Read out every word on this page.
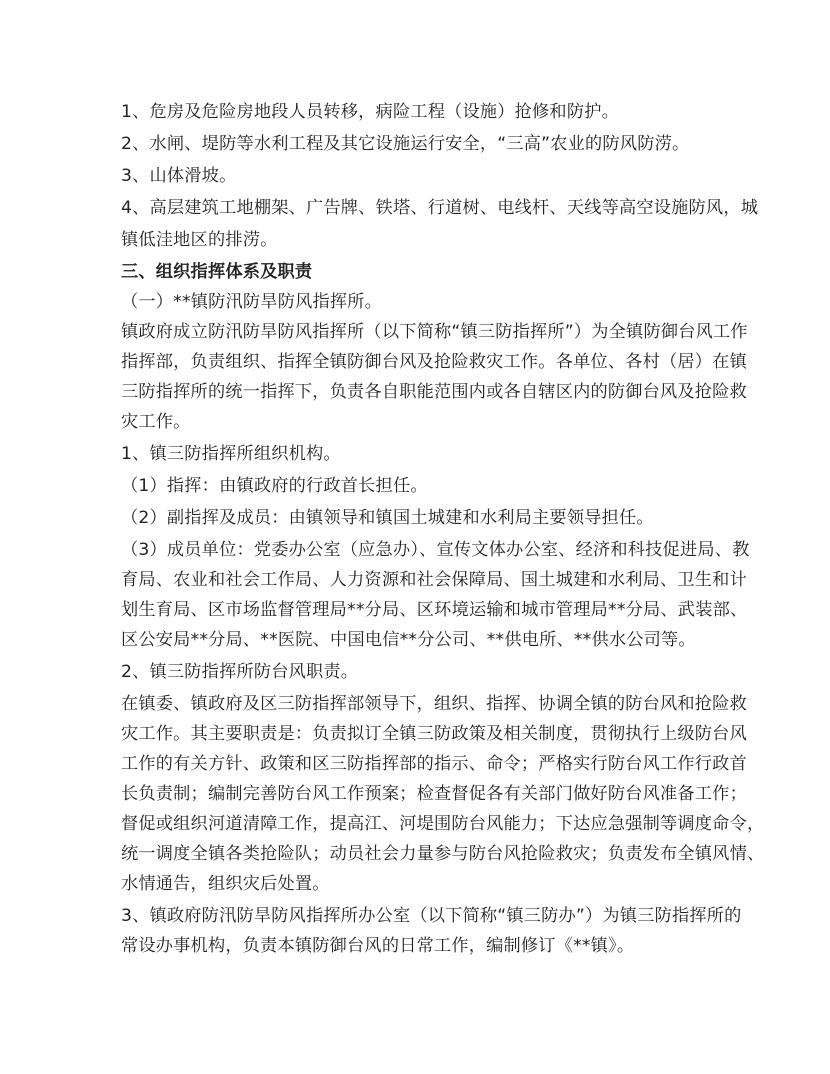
1、危房及危险房地段人员转移，病险工程（设施）抢修和防护。
2、水闸、堤防等水利工程及其它设施运行安全，“三高”农业的防风防涝。
3、山体滑坡。
4、高层建筑工地棚架、广告牌、铁塔、行道树、电线杆、天线等高空设施防风，城
镇低洼地区的排涝。
三、组织指挥体系及职责
（一）**镇防汛防旱防风指挥所。
镇政府成立防汛防旱防风指挥所（以下简称“镇三防指挥所”）为全镇防御台风工作
指挥部，负责组织、指挥全镇防御台风及抢险救灾工作。各单位、各村（居）在镇
三防指挥所的统一指挥下，负责各自职能范围内或各自辖区内的防御台风及抢险救
灾工作。
1、镇三防指挥所组织机构。
（1）指挥：由镇政府的行政首长担任。
（2）副指挥及成员：由镇领导和镇国土城建和水利局主要领导担任。
（3）成员单位：党委办公室（应急办）、宣传文体办公室、经济和科技促进局、教
育局、农业和社会工作局、人力资源和社会保障局、国土城建和水利局、卫生和计
划生育局、区市场监督管理局**分局、区环境运输和城市管理局**分局、武装部、
区公安局**分局、**医院、中国电信**分公司、**供电所、**供水公司等。
2、镇三防指挥所防台风职责。
在镇委、镇政府及区三防指挥部领导下，组织、指挥、协调全镇的防台风和抢险救
灾工作。其主要职责是：负责拟订全镇三防政策及相关制度，贯彻执行上级防台风
工作的有关方针、政策和区三防指挥部的指示、命令；严格实行防台风工作行政首
长负责制；编制完善防台风工作预案；检查督促各有关部门做好防台风准备工作；
督促或组织河道清障工作，提高江、河堤围防台风能力；下达应急强制等调度命令，
统一调度全镇各类抢险队；动员社会力量参与防台风抢险救灾；负责发布全镇风情、
水情通告，组织灾后处置。
3、镇政府防汛防旱防风指挥所办公室（以下简称“镇三防办”）为镇三防指挥所的
常设办事机构，负责本镇防御台风的日常工作，编制修订《**镇》。
